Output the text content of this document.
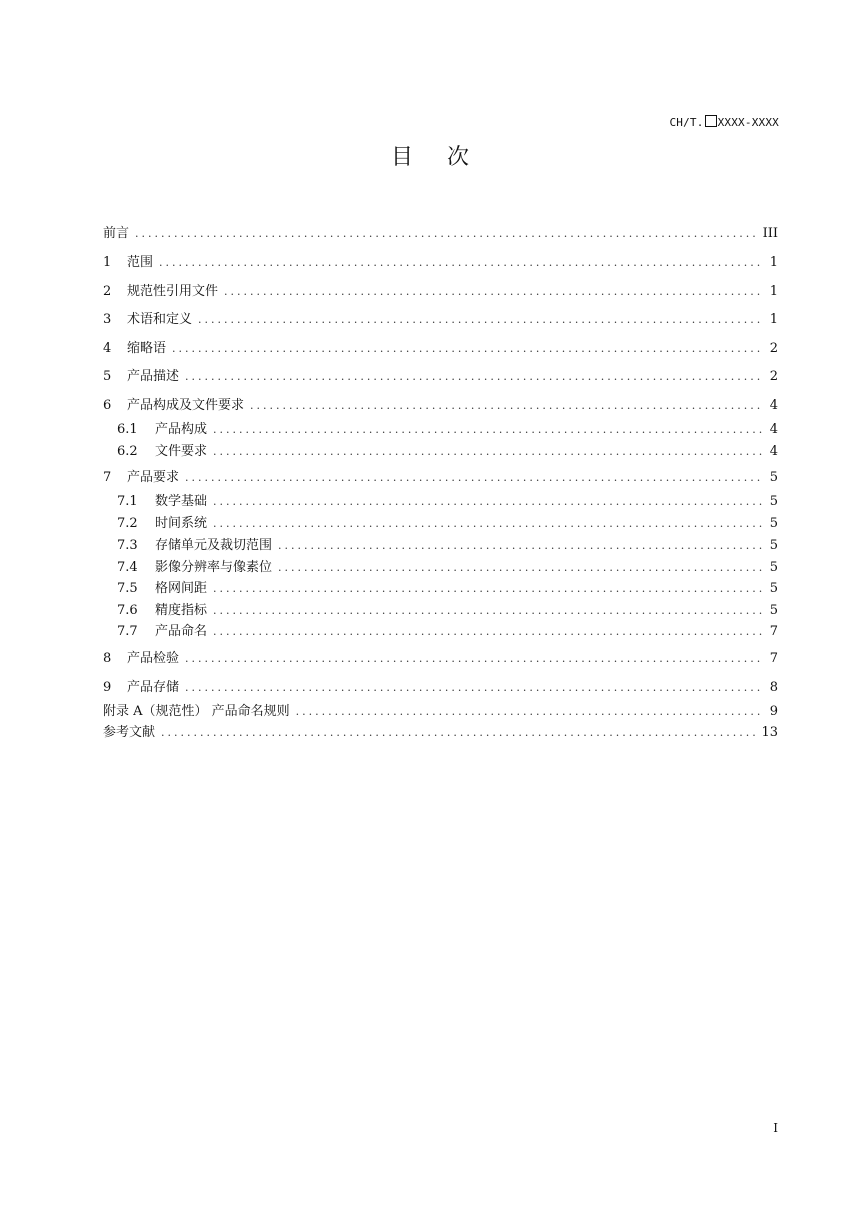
CH/T. XXXX-XXXX
目次
前言 .....	III
1	范围 .....	1
2	规范性引用文件 .....	1
3	术语和定义 .....	1
4	缩略语 .....	2
5	产品描述 .....	2
6	产品构成及文件要求 .....	4
6.1	产品构成 .....	4
6.2	文件要求 .....	4
7	产品要求 .....	5
7.1	数学基础 .....	5
7.2	时间系统 .....	5
7.3	存储单元及裁切范围 .....	5
7.4	影像分辨率与像素位 .....	5
7.5	格网间距 .....	5
7.6	精度指标 .....	5
7.7	产品命名 .....	7
8	产品检验 .....	7
9	产品存储 .....	8
附录 A（规范性） 产品命名规则 .....	9
参考文献 .....	13
I
